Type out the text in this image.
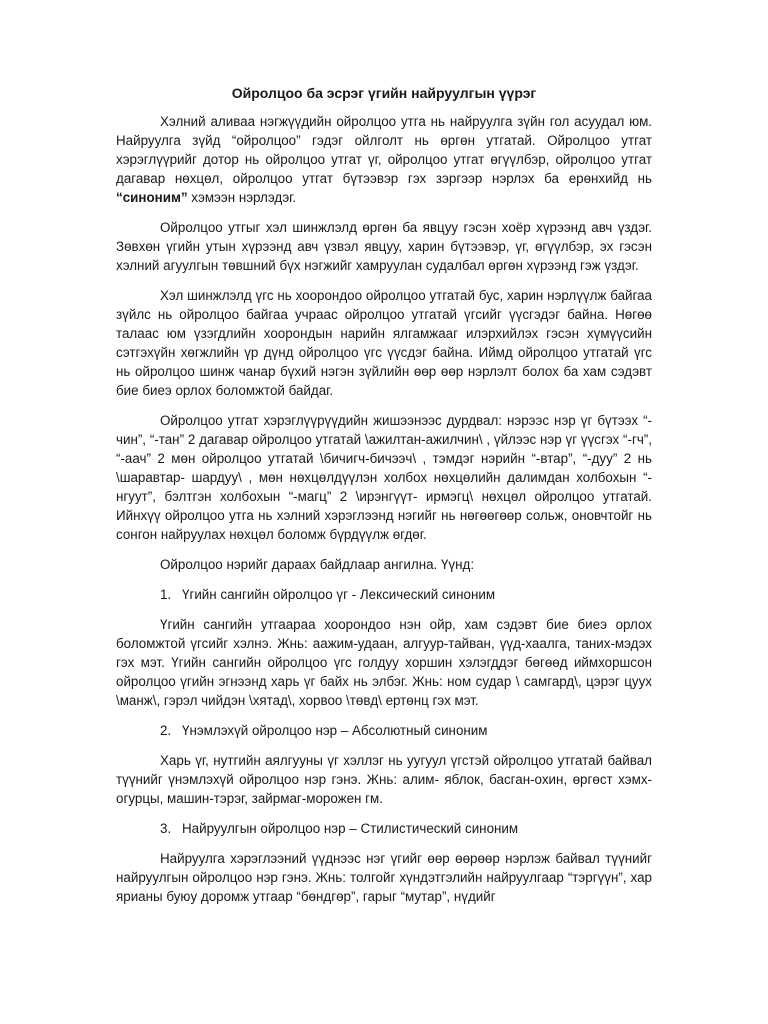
Ойролцоо ба эсрэг үгийн найруулгын үүрэг

Хэлний аливаа нэгжүүдийн ойролцоо утга нь найруулга зүйн гол асуудал юм. Найруулга зүйд “ойролцоо” гэдэг ойлголт нь өргөн утгатай. Ойролцоо утгат хэрэглүүрийг дотор нь ойролцоо утгат үг, ойролцоо утгат өгүүлбэр, ойролцоо утгат дагавар нөхцөл, ойролцоо утгат бүтээвэр гэх зэргээр нэрлэх ба ерөнхийд нь “синоним” хэмээн нэрлэдэг.

Ойролцоо утгыг хэл шинжлэлд өргөн ба явцуу гэсэн хоёр хүрээнд авч үздэг. Зөвхөн үгийн утын хүрээнд авч үзвэл явцуу, харин бүтээвэр, үг, өгүүлбэр, эх гэсэн хэлний агуулгын төвшний бүх нэгжийг хамруулан судалбал өргөн хүрээнд гэж үздэг.

Хэл шинжлэлд үгс нь хоорондоо ойролцоо утгатай бус, харин нэрлүүлж байгаа зүйлс нь ойролцоо байгаа учраас ойролцоо утгатай үгсийг үүсгэдэг байна. Нөгөө талаас юм үзэгдлийн хоорондын нарийн ялгамжааг илэрхийлэх гэсэн хүмүүсийн сэтгэхүйн хөгжлийн үр дүнд ойролцоо үгс үүсдэг байна. Иймд ойролцоо утгатай үгс нь ойролцоо шинж чанар бүхий нэгэн зүйлийн өөр өөр нэрлэлт болох ба хам сэдэвт бие биеэ орлох боломжтой байдаг.

Ойролцоо утгат хэрэглүүрүүдийн жишээнээс дурдвал: нэрээс нэр үг бүтээх “-чин”, “-тан” 2 дагавар ойролцоо утгатай \ажилтан-ажилчин\ , үйлээс нэр үг үүсгэх “-гч”, “-аач” 2 мөн ойролцоо утгатай \бичигч-бичээч\ , тэмдэг нэрийн “-втар”, “-дуу” 2 нь \шаравтар- шардуу\ , мөн нөхцөлдүүлэн холбох нөхцөлийн далимдан холбохын “-нгуут”, бэлтгэн холбохын “-магц” 2 \ирэнгүүт- ирмэгц\ нөхцөл ойролцоо утгатай. Ийнхүү ойролцоо утга нь хэлний хэрэглээнд нэгийг нь нөгөөгөөр сольж, оновчтойг нь сонгон найруулах нөхцөл боломж бүрдүүлж өгдөг.

Ойролцоо нэрийг дараах байдлаар ангилна. Үүнд:

1. Үгийн сангийн ойролцоо үг - Лексический синоним

Үгийн сангийн утгаараа хоорондоо нэн ойр, хам сэдэвт бие биеэ орлох боломжтой үгсийг хэлнэ. Жнь: аажим-удаан, алгуур-тайван, үүд-хаалга, таних-мэдэх гэх мэт. Үгийн сангийн ойролцоо үгс голдуу хоршин хэлэгддэг бөгөөд иймхоршсон ойролцоо үгийн эгнээнд харь үг байх нь элбэг. Жнь: ном судар \ самгард\, цэрэг цуух \манж\, гэрэл чийдэн \хятад\, хорвоо \төвд\ ертөнц гэх мэт.

2. Үнэмлэхүй ойролцоо нэр – Абсолютный синоним

Харь үг, нутгийн аялгууны үг хэллэг нь уугуул үгстэй ойролцоо утгатай байвал түүнийг үнэмлэхүй ойролцоо нэр гэнэ. Жнь: алим- яблок, басган-охин, өргөст хэмх- огурцы, машин-тэрэг, зайрмаг-морожен гм.

3. Найруулгын ойролцоо нэр – Стилистический синоним

Найруулга хэрэглээний үүднээс нэг үгийг өөр өөрөөр нэрлэж байвал түүнийг найруулгын ойролцоо нэр гэнэ. Жнь: толгойг хүндэтгэлийн найруулгаар “тэргүүн”, хар ярианы буюу доромж утгаар “бөндгөр”, гарыг “мутар”, нүдийг
